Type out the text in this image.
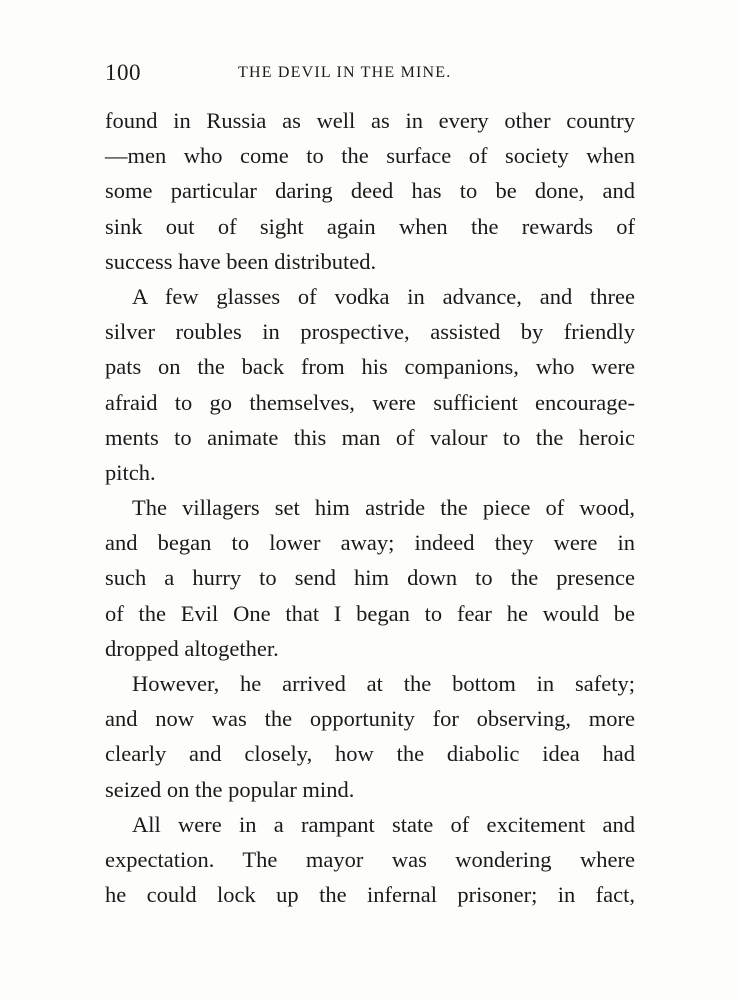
100	THE DEVIL IN THE MINE.
found in Russia as well as in every other country
—men who come to the surface of society when
some particular daring deed has to be done, and
sink out of sight again when the rewards of
success have been distributed.
A few glasses of vodka in advance, and three
silver roubles in prospective, assisted by friendly
pats on the back from his companions, who were
afraid to go themselves, were sufficient encourage-
ments to animate this man of valour to the heroic
pitch.
The villagers set him astride the piece of wood,
and began to lower away; indeed they were in
such a hurry to send him down to the presence
of the Evil One that I began to fear he would be
dropped altogether.
However, he arrived at the bottom in safety;
and now was the opportunity for observing, more
clearly and closely, how the diabolic idea had
seized on the popular mind.
All were in a rampant state of excitement and
expectation. The mayor was wondering where
he could lock up the infernal prisoner; in fact,
